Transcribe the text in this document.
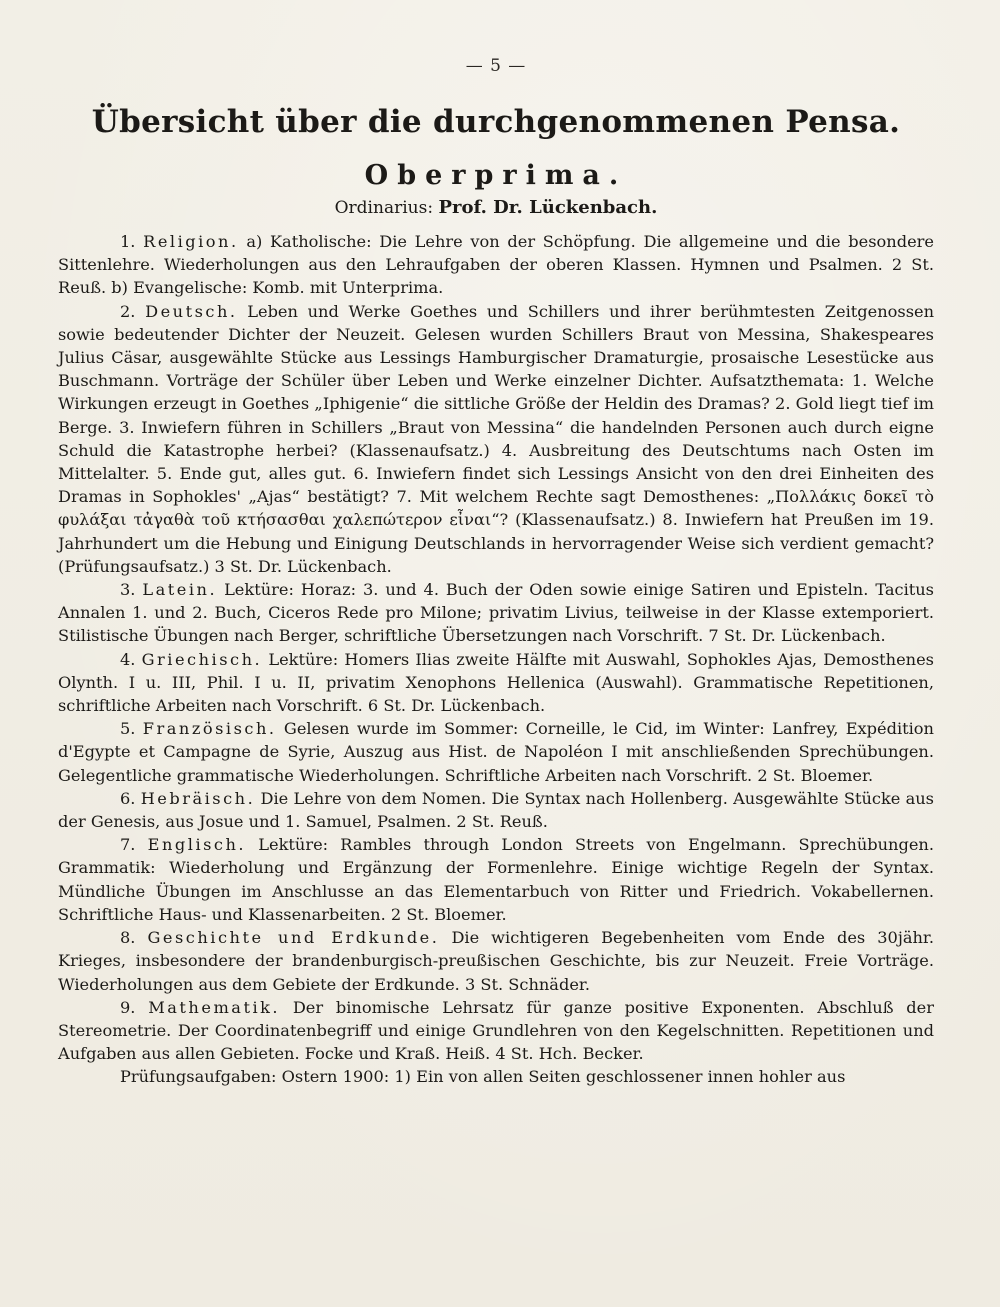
— 5 —
Übersicht über die durchgenommenen Pensa.
Oberprima.
Ordinarius: Prof. Dr. Lückenbach.

1. Religion. a) Katholische: Die Lehre von der Schöpfung. Die allgemeine und die besondere Sittenlehre. Wiederholungen aus den Lehraufgaben der oberen Klassen. Hymnen und Psalmen. 2 St. Reuß. b) Evangelische: Komb. mit Unterprima.

2. Deutsch. Leben und Werke Goethes und Schillers und ihrer berühmtesten Zeitgenossen sowie bedeutender Dichter der Neuzeit. Gelesen wurden Schillers Braut von Messina, Shakespeares Julius Cäsar, ausgewählte Stücke aus Lessings Hamburgischer Dramaturgie, prosaische Lesestücke aus Buschmann. Vorträge der Schüler über Leben und Werke einzelner Dichter. Aufsatzthemata: 1. Welche Wirkungen erzeugt in Goethes „Iphigenie“ die sittliche Größe der Heldin des Dramas? 2. Gold liegt tief im Berge. 3. Inwiefern führen in Schillers „Braut von Messina“ die handelnden Personen auch durch eigne Schuld die Katastrophe herbei? (Klassenaufsatz.) 4. Ausbreitung des Deutschtums nach Osten im Mittelalter. 5. Ende gut, alles gut. 6. Inwiefern findet sich Lessings Ansicht von den drei Einheiten des Dramas in Sophokles' „Ajas“ bestätigt? 7. Mit welchem Rechte sagt Demosthenes: „Πολλάκις δοκεῖ τὸ φυλάξαι τἀγαθὰ τοῦ κτήσασθαι χαλεπώτερον εἶναι“? (Klassenaufsatz.) 8. Inwiefern hat Preußen im 19. Jahrhundert um die Hebung und Einigung Deutschlands in hervorragender Weise sich verdient gemacht? (Prüfungsaufsatz.) 3 St. Dr. Lückenbach.

3. Latein. Lektüre: Horaz: 3. und 4. Buch der Oden sowie einige Satiren und Episteln. Tacitus Annalen 1. und 2. Buch, Ciceros Rede pro Milone; privatim Livius, teilweise in der Klasse extemporiert. Stilistische Übungen nach Berger, schriftliche Übersetzungen nach Vorschrift. 7 St. Dr. Lückenbach.

4. Griechisch. Lektüre: Homers Ilias zweite Hälfte mit Auswahl, Sophokles Ajas, Demosthenes Olynth. I u. III, Phil. I u. II, privatim Xenophons Hellenica (Auswahl). Grammatische Repetitionen, schriftliche Arbeiten nach Vorschrift. 6 St. Dr. Lückenbach.

5. Französisch. Gelesen wurde im Sommer: Corneille, le Cid, im Winter: Lanfrey, Expédition d'Egypte et Campagne de Syrie, Auszug aus Hist. de Napoléon I mit anschließenden Sprechübungen. Gelegentliche grammatische Wiederholungen. Schriftliche Arbeiten nach Vorschrift. 2 St. Bloemer.

6. Hebräisch. Die Lehre von dem Nomen. Die Syntax nach Hollenberg. Ausgewählte Stücke aus der Genesis, aus Josue und 1. Samuel, Psalmen. 2 St. Reuß.

7. Englisch. Lektüre: Rambles through London Streets von Engelmann. Sprechübungen. Grammatik: Wiederholung und Ergänzung der Formenlehre. Einige wichtige Regeln der Syntax. Mündliche Übungen im Anschlusse an das Elementarbuch von Ritter und Friedrich. Vokabellernen. Schriftliche Haus- und Klassenarbeiten. 2 St. Bloemer.

8. Geschichte und Erdkunde. Die wichtigeren Begebenheiten vom Ende des 30jähr. Krieges, insbesondere der brandenburgisch-preußischen Geschichte, bis zur Neuzeit. Freie Vorträge. Wiederholungen aus dem Gebiete der Erdkunde. 3 St. Schnäder.

9. Mathematik. Der binomische Lehrsatz für ganze positive Exponenten. Abschluß der Stereometrie. Der Coordinatenbegriff und einige Grundlehren von den Kegelschnitten. Repetitionen und Aufgaben aus allen Gebieten. Focke und Kraß. Heiß. 4 St. Hch. Becker.

Prüfungsaufgaben: Ostern 1900: 1) Ein von allen Seiten geschlossener innen hohler aus
